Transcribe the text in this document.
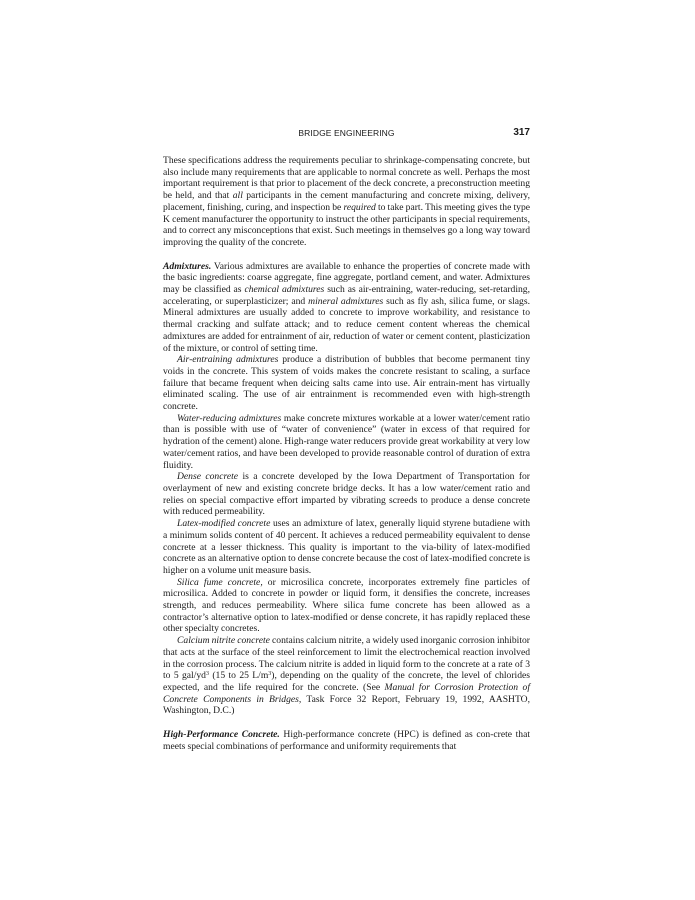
BRIDGE ENGINEERING	317

These specifications address the requirements peculiar to shrinkage-compensating concrete, but also include many requirements that are applicable to normal concrete as well. Perhaps the most important requirement is that prior to placement of the deck concrete, a preconstruction meeting be held, and that all participants in the cement manufacturing and concrete mixing, delivery, placement, finishing, curing, and inspection be required to take part. This meeting gives the type K cement manufacturer the opportunity to instruct the other participants in special requirements, and to correct any misconceptions that exist. Such meetings in themselves go a long way toward improving the quality of the concrete.

Admixtures. Various admixtures are available to enhance the properties of concrete made with the basic ingredients: coarse aggregate, fine aggregate, portland cement, and water. Admixtures may be classified as chemical admixtures such as air-entraining, water-reducing, set-retarding, accelerating, or superplasticizer; and mineral admixtures such as fly ash, silica fume, or slags. Mineral admixtures are usually added to concrete to improve workability, and resistance to thermal cracking and sulfate attack; and to reduce cement content whereas the chemical admixtures are added for entrainment of air, reduction of water or cement content, plasticization of the mixture, or control of setting time.

Air-entraining admixtures produce a distribution of bubbles that become permanent tiny voids in the concrete. This system of voids makes the concrete resistant to scaling, a surface failure that became frequent when deicing salts came into use. Air entrain-ment has virtually eliminated scaling. The use of air entrainment is recommended even with high-strength concrete.

Water-reducing admixtures make concrete mixtures workable at a lower water/cement ratio than is possible with use of “water of convenience” (water in excess of that required for hydration of the cement) alone. High-range water reducers provide great workability at very low water/cement ratios, and have been developed to provide reasonable control of duration of extra fluidity.

Dense concrete is a concrete developed by the Iowa Department of Transportation for overlayment of new and existing concrete bridge decks. It has a low water/cement ratio and relies on special compactive effort imparted by vibrating screeds to produce a dense concrete with reduced permeability.

Latex-modified concrete uses an admixture of latex, generally liquid styrene butadiene with a minimum solids content of 40 percent. It achieves a reduced permeability equivalent to dense concrete at a lesser thickness. This quality is important to the via-bility of latex-modified concrete as an alternative option to dense concrete because the cost of latex-modified concrete is higher on a volume unit measure basis.

Silica fume concrete, or microsilica concrete, incorporates extremely fine particles of microsilica. Added to concrete in powder or liquid form, it densifies the concrete, increases strength, and reduces permeability. Where silica fume concrete has been allowed as a contractor’s alternative option to latex-modified or dense concrete, it has rapidly replaced these other specialty concretes.

Calcium nitrite concrete contains calcium nitrite, a widely used inorganic corrosion inhibitor that acts at the surface of the steel reinforcement to limit the electrochemical reaction involved in the corrosion process. The calcium nitrite is added in liquid form to the concrete at a rate of 3 to 5 gal/$yd^3$ (15 to 25 $L/m^3$), depending on the quality of the concrete, the level of chlorides expected, and the life required for the concrete. (See Manual for Corrosion Protection of Concrete Components in Bridges, Task Force 32 Report, February 19, 1992, AASHTO, Washington, D.C.)

High-Performance Concrete. High-performance concrete (HPC) is defined as con-crete that meets special combinations of performance and uniformity requirements that
